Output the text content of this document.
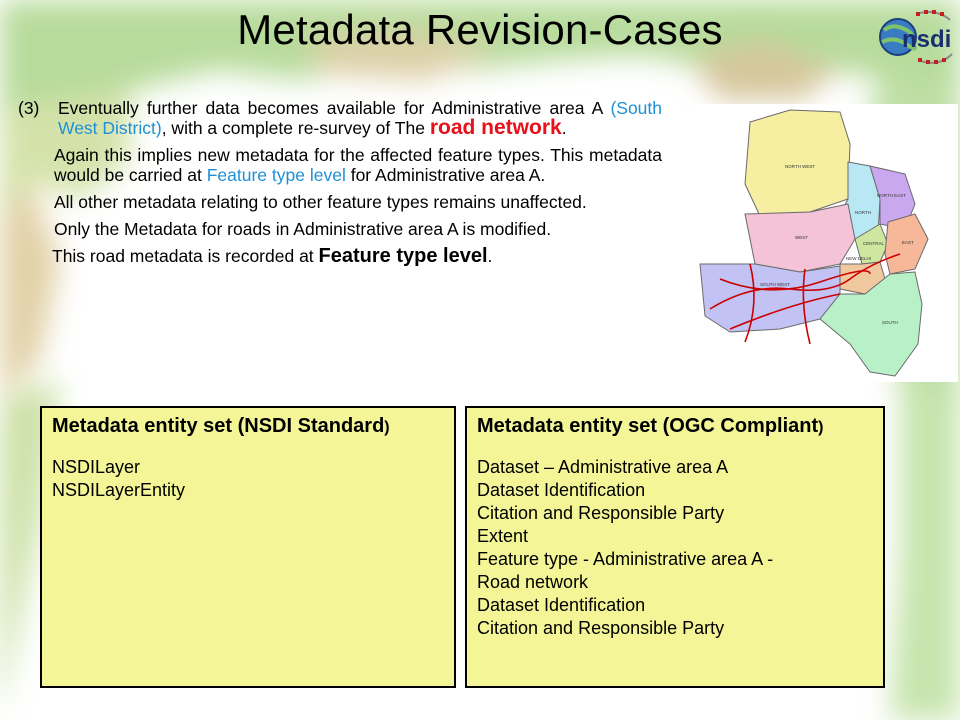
Metadata Revision-Cases	nsdi
(3)	Eventually further data becomes available for Administrative area A (South West District), with a complete re-survey of The road network.
Again this implies new metadata for the affected feature types. This metadata would be carried at Feature type level for Administrative area A.
All other metadata relating to other feature types remains unaffected.
Only the Metadata for roads in Administrative area A is modified.
This road metadata is recorded at Feature type level.
NORTH WEST
NORTH
NORTH EAST
WEST
CENTRAL
NEW DELHI
EAST
SOUTH WEST
SOUTH
Metadata entity set (NSDI Standard)
NSDILayer
NSDILayerEntity
Metadata entity set (OGC Compliant)
Dataset – Administrative area A
Dataset Identification
Citation and Responsible Party
Extent
Feature type - Administrative area A -
Road network
Dataset Identification
Citation and Responsible Party
